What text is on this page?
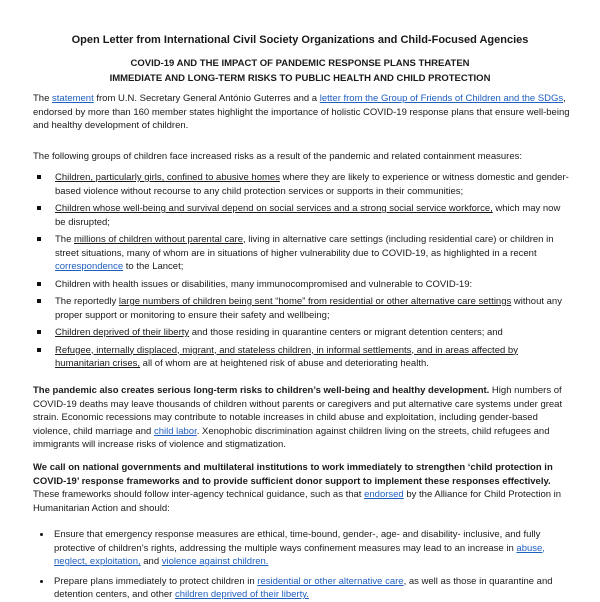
Open Letter from International Civil Society Organizations and Child-Focused Agencies
COVID-19 AND THE IMPACT OF PANDEMIC RESPONSE PLANS THREATEN
IMMEDIATE AND LONG-TERM RISKS TO PUBLIC HEALTH AND CHILD PROTECTION

The statement from U.N. Secretary General António Guterres and a letter from the Group of Friends of Children and the SDGs, endorsed by more than 160 member states highlight the importance of holistic COVID-19 response plans that ensure well-being and healthy development of children.

The following groups of children face increased risks as a result of the pandemic and related containment measures:

Children, particularly girls, confined to abusive homes where they are likely to experience or witness domestic and gender-based violence without recourse to any child protection services or supports in their communities;
Children whose well-being and survival depend on social services and a strong social service workforce, which may now be disrupted;
The millions of children without parental care, living in alternative care settings (including residential care) or children in street situations, many of whom are in situations of higher vulnerability due to COVID-19, as highlighted in a recent correspondence to the Lancet;
Children with health issues or disabilities, many immunocompromised and vulnerable to COVID-19:
The reportedly large numbers of children being sent “home” from residential or other alternative care settings without any proper support or monitoring to ensure their safety and wellbeing;
Children deprived of their liberty and those residing in quarantine centers or migrant detention centers; and
Refugee, internally displaced, migrant, and stateless children, in informal settlements, and in areas affected by humanitarian crises, all of whom are at heightened risk of abuse and deteriorating health.

The pandemic also creates serious long-term risks to children’s well-being and healthy development. High numbers of COVID-19 deaths may leave thousands of children without parents or caregivers and put alternative care systems under great strain. Economic recessions may contribute to notable increases in child abuse and exploitation, including gender-based violence, child marriage and child labor. Xenophobic discrimination against children living on the streets, child refugees and immigrants will increase risks of violence and stigmatization.

We call on national governments and multilateral institutions to work immediately to strengthen ‘child protection in COVID-19’ response frameworks and to provide sufficient donor support to implement these responses effectively. These frameworks should follow inter-agency technical guidance, such as that endorsed by the Alliance for Child Protection in Humanitarian Action and should:

Ensure that emergency response measures are ethical, time-bound, gender-, age- and disability- inclusive, and fully protective of children’s rights, addressing the multiple ways confinement measures may lead to an increase in abuse, neglect, exploitation, and violence against children.
Prepare plans immediately to protect children in residential or other alternative care, as well as those in quarantine and detention centers, and other children deprived of their liberty.
